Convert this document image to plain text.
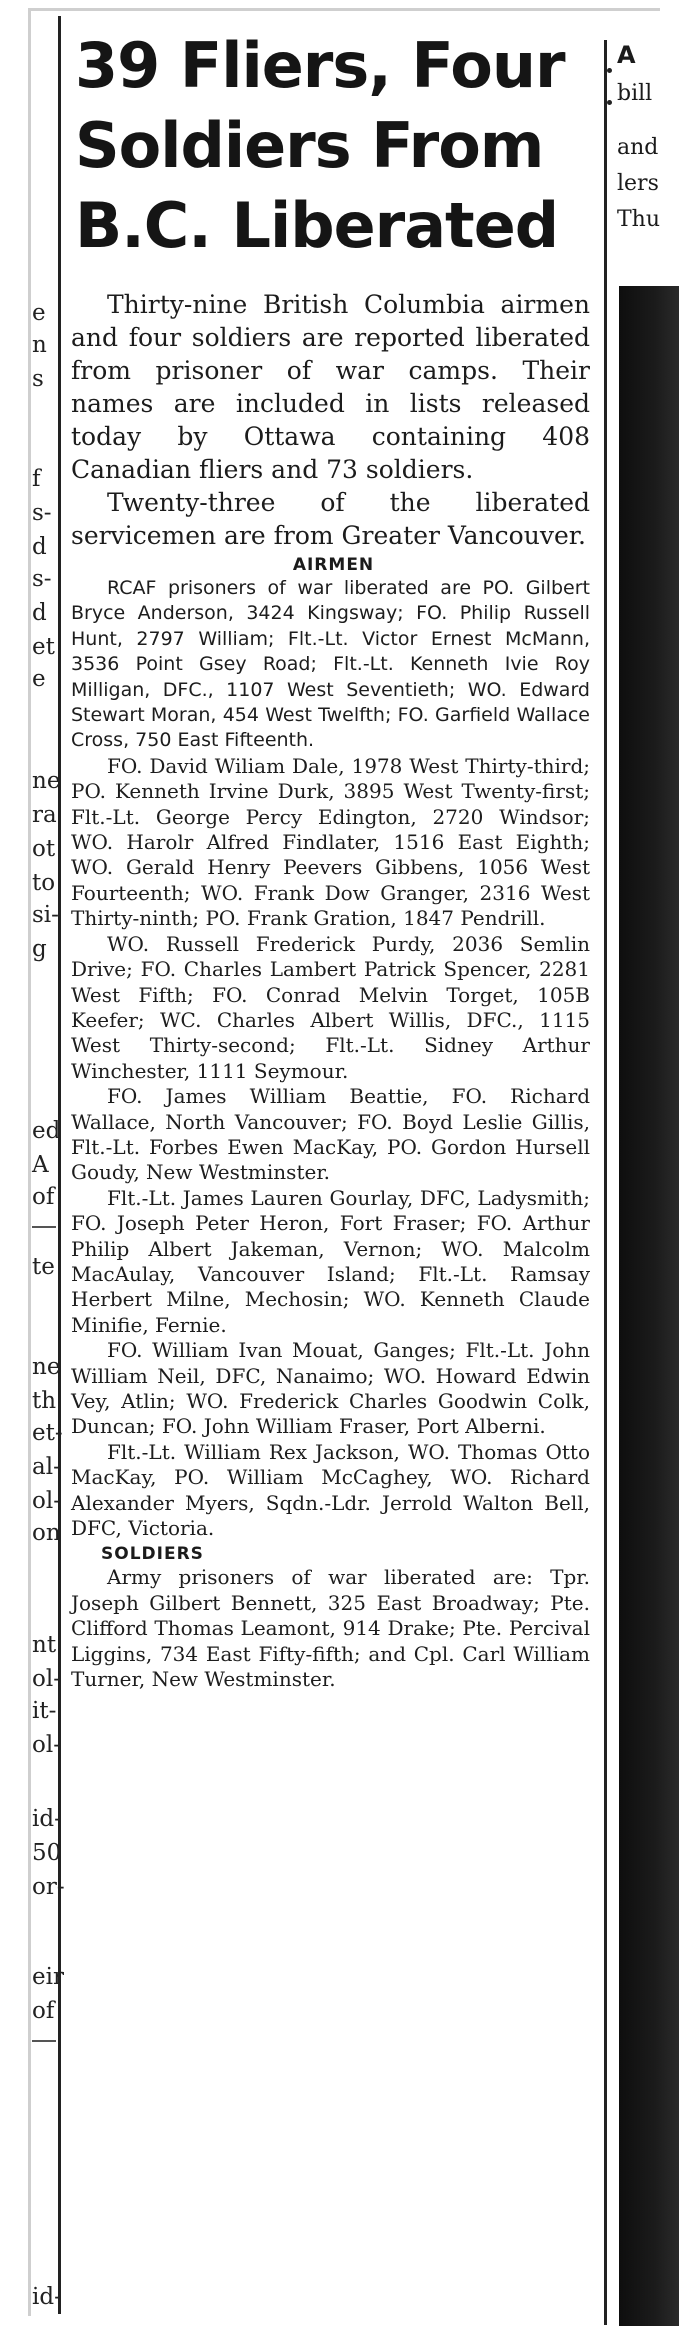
e
n
s
f
s-
d
s-
d
et
e
ne
ra
ot
to
si-
g
ed
A
of
te
ne
th
et-
al-
ol-
on
nt
ol-
it-
ol-
id-
50
or-
eir
of
id-
39 Fliers, Four
Soldiers From
B.C. Liberated

Thirty-nine British Columbia airmen and four soldiers are reported liberated from prisoner of war camps. Their names are included in lists released today by Ottawa containing 408 Canadian fliers and 73 soldiers.

Twenty-three of the liberated servicemen are from Greater Vancouver.

AIRMEN

RCAF prisoners of war liberated are PO. Gilbert Bryce Anderson, 3424 Kingsway; FO. Philip Russell Hunt, 2797 William; Flt.-Lt. Victor Ernest McMann, 3536 Point Gsey Road; Flt.-Lt. Kenneth Ivie Roy Milligan, DFC., 1107 West Seventieth; WO. Edward Stewart Moran, 454 West Twelfth; FO. Garfield Wallace Cross, 750 East Fifteenth.

FO. David Wiliam Dale, 1978 West Thirty-third; PO. Kenneth Irvine Durk, 3895 West Twenty-first; Flt.-Lt. George Percy Edington, 2720 Windsor; WO. Harolr Alfred Findlater, 1516 East Eighth; WO. Gerald Henry Peevers Gibbens, 1056 West Fourteenth; WO. Frank Dow Granger, 2316 West Thirty-ninth; PO. Frank Gration, 1847 Pendrill.

WO. Russell Frederick Purdy, 2036 Semlin Drive; FO. Charles Lambert Patrick Spencer, 2281 West Fifth; FO. Conrad Melvin Torget, 105B Keefer; WC. Charles Albert Willis, DFC., 1115 West Thirty-second; Flt.-Lt. Sidney Arthur Winchester, 1111 Seymour.

FO. James William Beattie, FO. Richard Wallace, North Vancouver; FO. Boyd Leslie Gillis, Flt.-Lt. Forbes Ewen MacKay, PO. Gordon Hursell Goudy, New Westminster.

Flt.-Lt. James Lauren Gourlay, DFC, Ladysmith; FO. Joseph Peter Heron, Fort Fraser; FO. Arthur Philip Albert Jakeman, Vernon; WO. Malcolm MacAulay, Vancouver Island; Flt.-Lt. Ramsay Herbert Milne, Mechosin; WO. Kenneth Claude Minifie, Fernie.

FO. William Ivan Mouat, Ganges; Flt.-Lt. John William Neil, DFC, Nanaimo; WO. Howard Edwin Vey, Atlin; WO. Frederick Charles Goodwin Colk, Duncan; FO. John William Fraser, Port Alberni.

Flt.-Lt. William Rex Jackson, WO. Thomas Otto MacKay, PO. William McCaghey, WO. Richard Alexander Myers, Sqdn.-Ldr. Jerrold Walton Bell, DFC, Victoria.

SOLDIERS

Army prisoners of war liberated are: Tpr. Joseph Gilbert Bennett, 325 East Broadway; Pte. Clifford Thomas Leamont, 914 Drake; Pte. Percival Liggins, 734 East Fifty-fifth; and Cpl. Carl William Turner, New Westminster.

A
bill
and
lers
Thu
